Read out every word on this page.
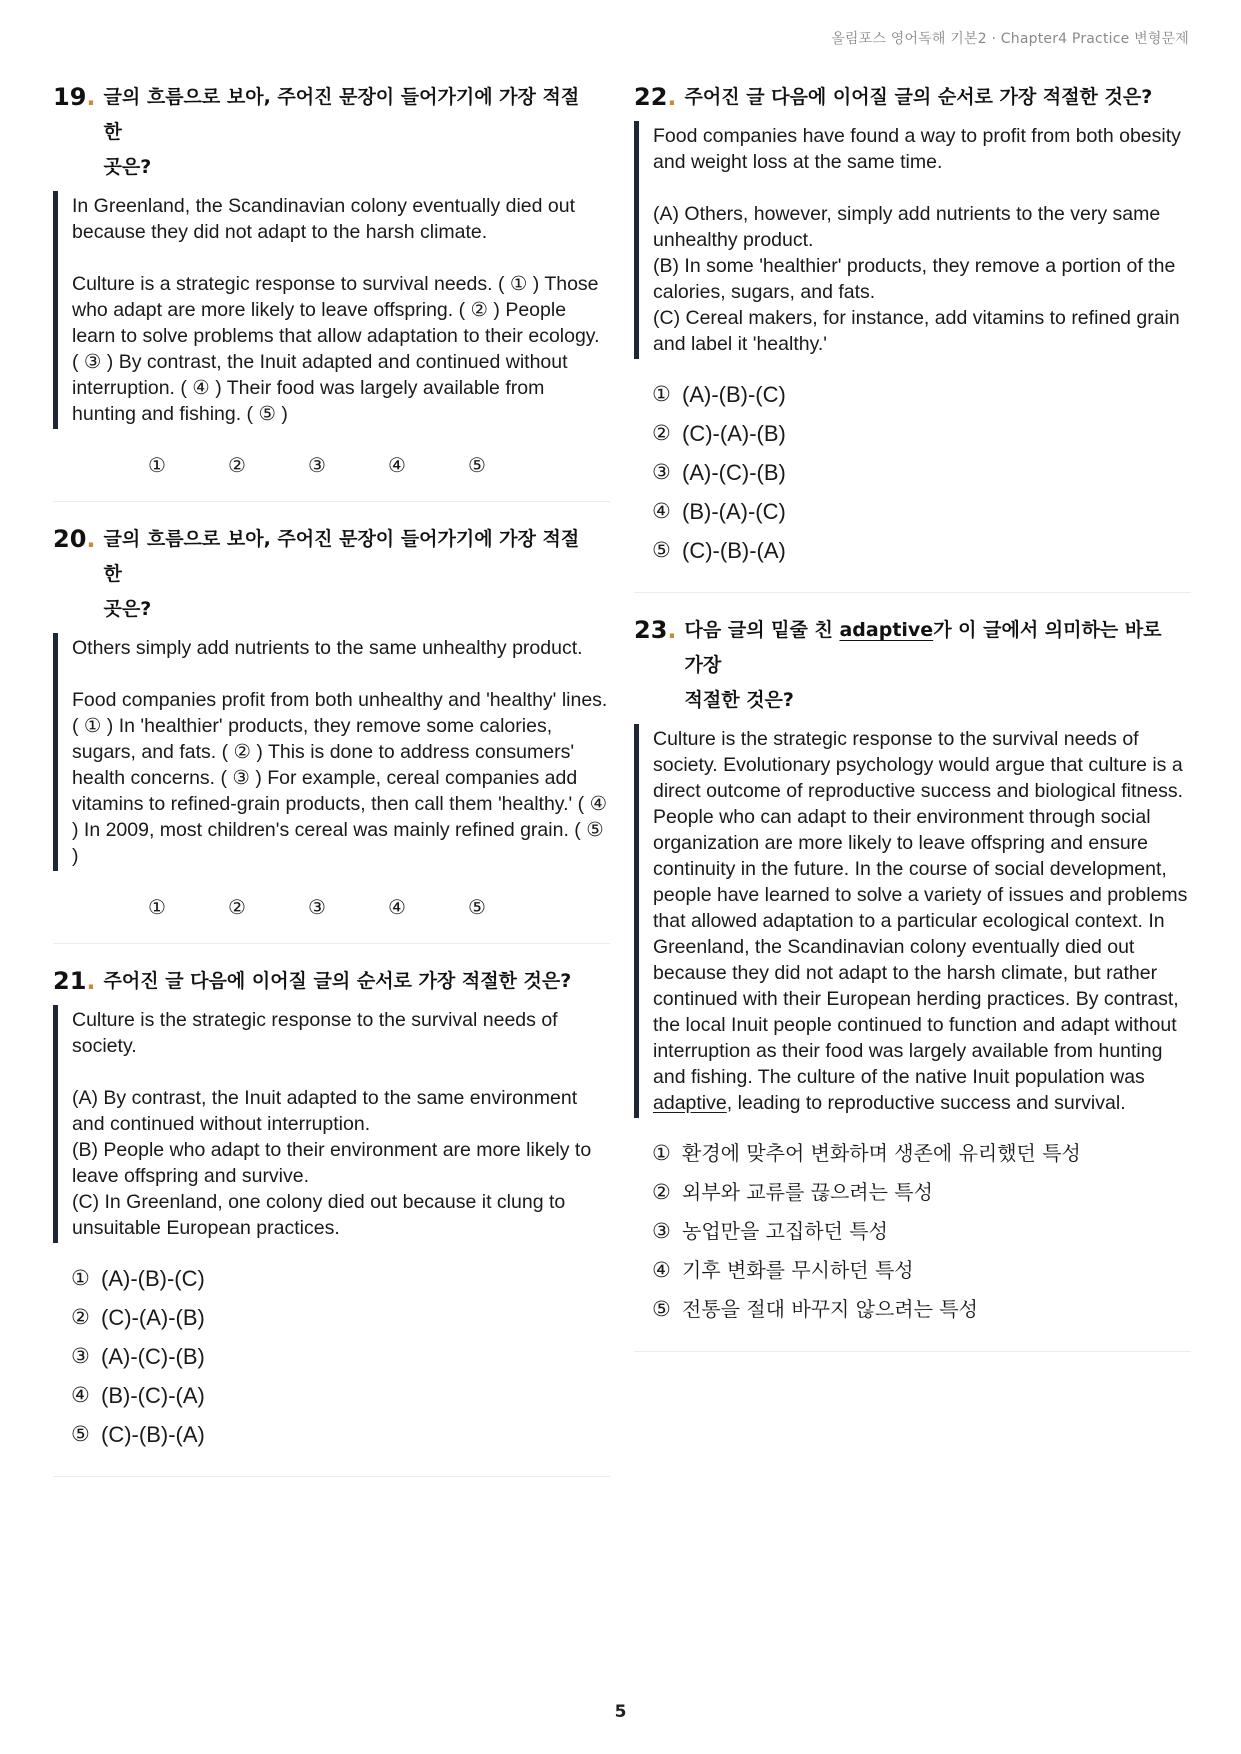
올림포스 영어독해 기본2 · Chapter4 Practice 변형문제
19 . 글의 흐름으로 보아, 주어진 문장이 들어가기에 가장 적절한
곳은?

In Greenland, the Scandinavian colony eventually died out because they did not adapt to the harsh climate.

Culture is a strategic response to survival needs. ( ① ) Those who adapt are more likely to leave offspring. ( ② ) People learn to solve problems that allow adaptation to their ecology. ( ③ ) By contrast, the Inuit adapted and continued without interruption. ( ④ ) Their food was largely available from hunting and fishing. ( ⑤ )

①	②	③	④	⑤
20 . 글의 흐름으로 보아, 주어진 문장이 들어가기에 가장 적절한
곳은?

Others simply add nutrients to the same unhealthy product.

Food companies profit from both unhealthy and 'healthy' lines. ( ① ) In 'healthier' products, they remove some calories, sugars, and fats. ( ② ) This is done to address consumers' health concerns. ( ③ ) For example, cereal companies add vitamins to refined-grain products, then call them 'healthy.' ( ④ ) In 2009, most children's cereal was mainly refined grain. ( ⑤ )

①	②	③	④	⑤
21 . 주어진 글 다음에 이어질 글의 순서로 가장 적절한 것은?

Culture is the strategic response to the survival needs of society.

(A) By contrast, the Inuit adapted to the same environment and continued without interruption.

(B) People who adapt to their environment are more likely to leave offspring and survive.

(C) In Greenland, one colony died out because it clung to unsuitable European practices.

① (A)-(B)-(C)
② (C)-(A)-(B)
③ (A)-(C)-(B)
④ (B)-(C)-(A)
⑤ (C)-(B)-(A)
22 . 주어진 글 다음에 이어질 글의 순서로 가장 적절한 것은?

Food companies have found a way to profit from both obesity and weight loss at the same time.

(A) Others, however, simply add nutrients to the very same unhealthy product.

(B) In some 'healthier' products, they remove a portion of the calories, sugars, and fats.

(C) Cereal makers, for instance, add vitamins to refined grain and label it 'healthy.'

① (A)-(B)-(C)
② (C)-(A)-(B)
③ (A)-(C)-(B)
④ (B)-(A)-(C)
⑤ (C)-(B)-(A)
23 . 다음 글의 밑줄 친 adaptive가 이 글에서 의미하는 바로 가장
적절한 것은?

Culture is the strategic response to the survival needs of society. Evolutionary psychology would argue that culture is a direct outcome of reproductive success and biological fitness. People who can adapt to their environment through social organization are more likely to leave offspring and ensure continuity in the future. In the course of social development, people have learned to solve a variety of issues and problems that allowed adaptation to a particular ecological context. In Greenland, the Scandinavian colony eventually died out because they did not adapt to the harsh climate, but rather continued with their European herding practices. By contrast, the local Inuit people continued to function and adapt without interruption as their food was largely available from hunting and fishing. The culture of the native Inuit population was adaptive, leading to reproductive success and survival.

① 환경에 맞추어 변화하며 생존에 유리했던 특성
② 외부와 교류를 끊으려는 특성
③ 농업만을 고집하던 특성
④ 기후 변화를 무시하던 특성
⑤ 전통을 절대 바꾸지 않으려는 특성
5
